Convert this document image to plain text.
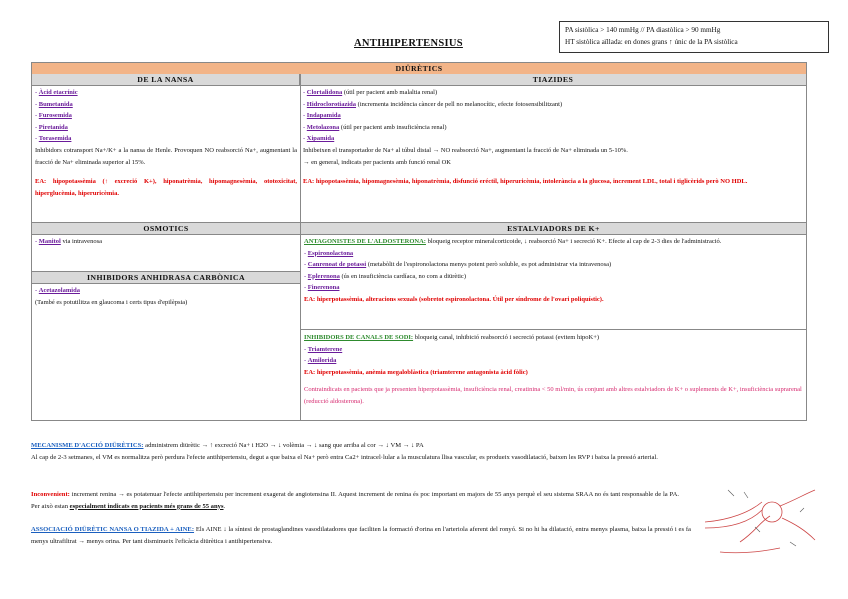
PA sistòlica > 140 mmHg // PA diastòlica > 90 mmHg
HT sistòlica aïllada: en dones grans ↑ únic de la PA sistòlica
ANTIHIPERTENSIUS
DIÜRÈTICS
DE LA NANSA	TIAZIDES
- Àcid etacrínic
- Bumetanida
- Furosemida
- Piretanida
- Torasemida
Inhibidors cotransport Na+/K+ a la nansa de Henle. Provoquen NO reabsorció Na+, augmentant la fracció de Na+ eliminada superior al 15%.
EA: hipopotassèmia (↑ excreció K+), hiponatrèmia, hipomagnesèmia, ototoxicitat, hiperglucèmia, hiperuricèmia.
- Clortalidona (útil per pacient amb malaltia renal)
- Hidroclorotiazida (incrementa incidència càncer de pell no melanocític, efecte fotosensibilitzant)
- Indapamida
- Metolazona (útil per pacient amb insuficiència renal)
- Xipamida
Inhibeixen el transportador de Na+ al túbul distal → NO reabsorció Na+, augmentant la fracció de Na+ eliminada un 5-10%.
→ en general, indicats per pacients amb funció renal OK
EA: hipopotassèmia, hipomagnesèmia, hiponatrèmia, disfunció eréctil, hiperuricèmia, intolerància a la glucosa, increment LDL, total i tiglicèrids però NO HDL.
OSMOTICS	ESTALVIADORS DE K+
- Manitol via intravenosa
INHIBIDORS ANHIDRASA CARBÒNICA
- Acetazolamida
(També es potutilitza en glaucoma i certs tipus d'epilèpsia)
ANTAGONISTES DE L'ALDOSTERONA: bloqueig receptor mineralcorticoide, ↓ reabsorció Na+ i secreció K+. Efecte al cap de 2-3 dies de l'administració.
- Espironolactona
- Canrenoat de potassi (metabòlit de l'espironolactona menys potent però soluble, es pot administrar via intravenosa)
- Eplerenona (ús en insuficiència cardíaca, no com a diürètic)
- Finerenona
EA: hiperpotassèmia, alteracions sexuals (sobretot espironolactona. Útil per síndrome de l'ovari poliquístic).
INHIBIDORS DE CANALS DE SODI: bloqueig canal, inhibició reabsorció i secreció potassi (evitem hipoK+)
- Triamterene
- Amilorida
EA: hiperpotassèmia, anèmia megaloblàstica (triamterene antagonista àcid fòlic)
Contraindicats en pacients que ja presenten hiperpotassèmia, insuficiència renal, creatinina < 50 ml/min, ús conjunt amb altres estalviadors de K+ o suplements de K+, insuficiència suprarenal (reducció aldosterona).
MECANISME D'ACCIÓ DIÜRÈTICS: administrem diürètic → ↑ excreció Na+ i H2O → ↓ volèmia → ↓ sang que arriba al cor → ↓ VM → ↓ PA
Al cap de 2-3 setmanes, el VM es normalitza però perdura l'efecte antihipertensiu, degut a que baixa el Na+ però entra Ca2+ intracel·lular a la musculatura llisa vascular, es produeix vasodilatació, baixen les RVP i baixa la pressió arterial.
Inconvenient: increment renina → es potatenuar l'efecte antihipertensiu per increment exagerat de angiotensina II. Aquest increment de renina és poc important en majors de 55 anys perquè el seu sistema SRAA no és tant responsable de la PA. Per això estan especialment indicats en pacients més grans de 55 anys.
ASSOCIACIÓ DIÜRÈTIC NANSA O TIAZIDA + AINE: Els AINE ↓ la síntesi de prostaglandines vasodilatadores que faciliten la formació d'orina en l'arteriola aferent del ronyó. Si no hi ha dilatació, entra menys plasma, baixa la pressió i es fa menys ultrafiltrat → menys orina. Per tant disminueix l'eficàcia diürètica i antihipertensiva.
